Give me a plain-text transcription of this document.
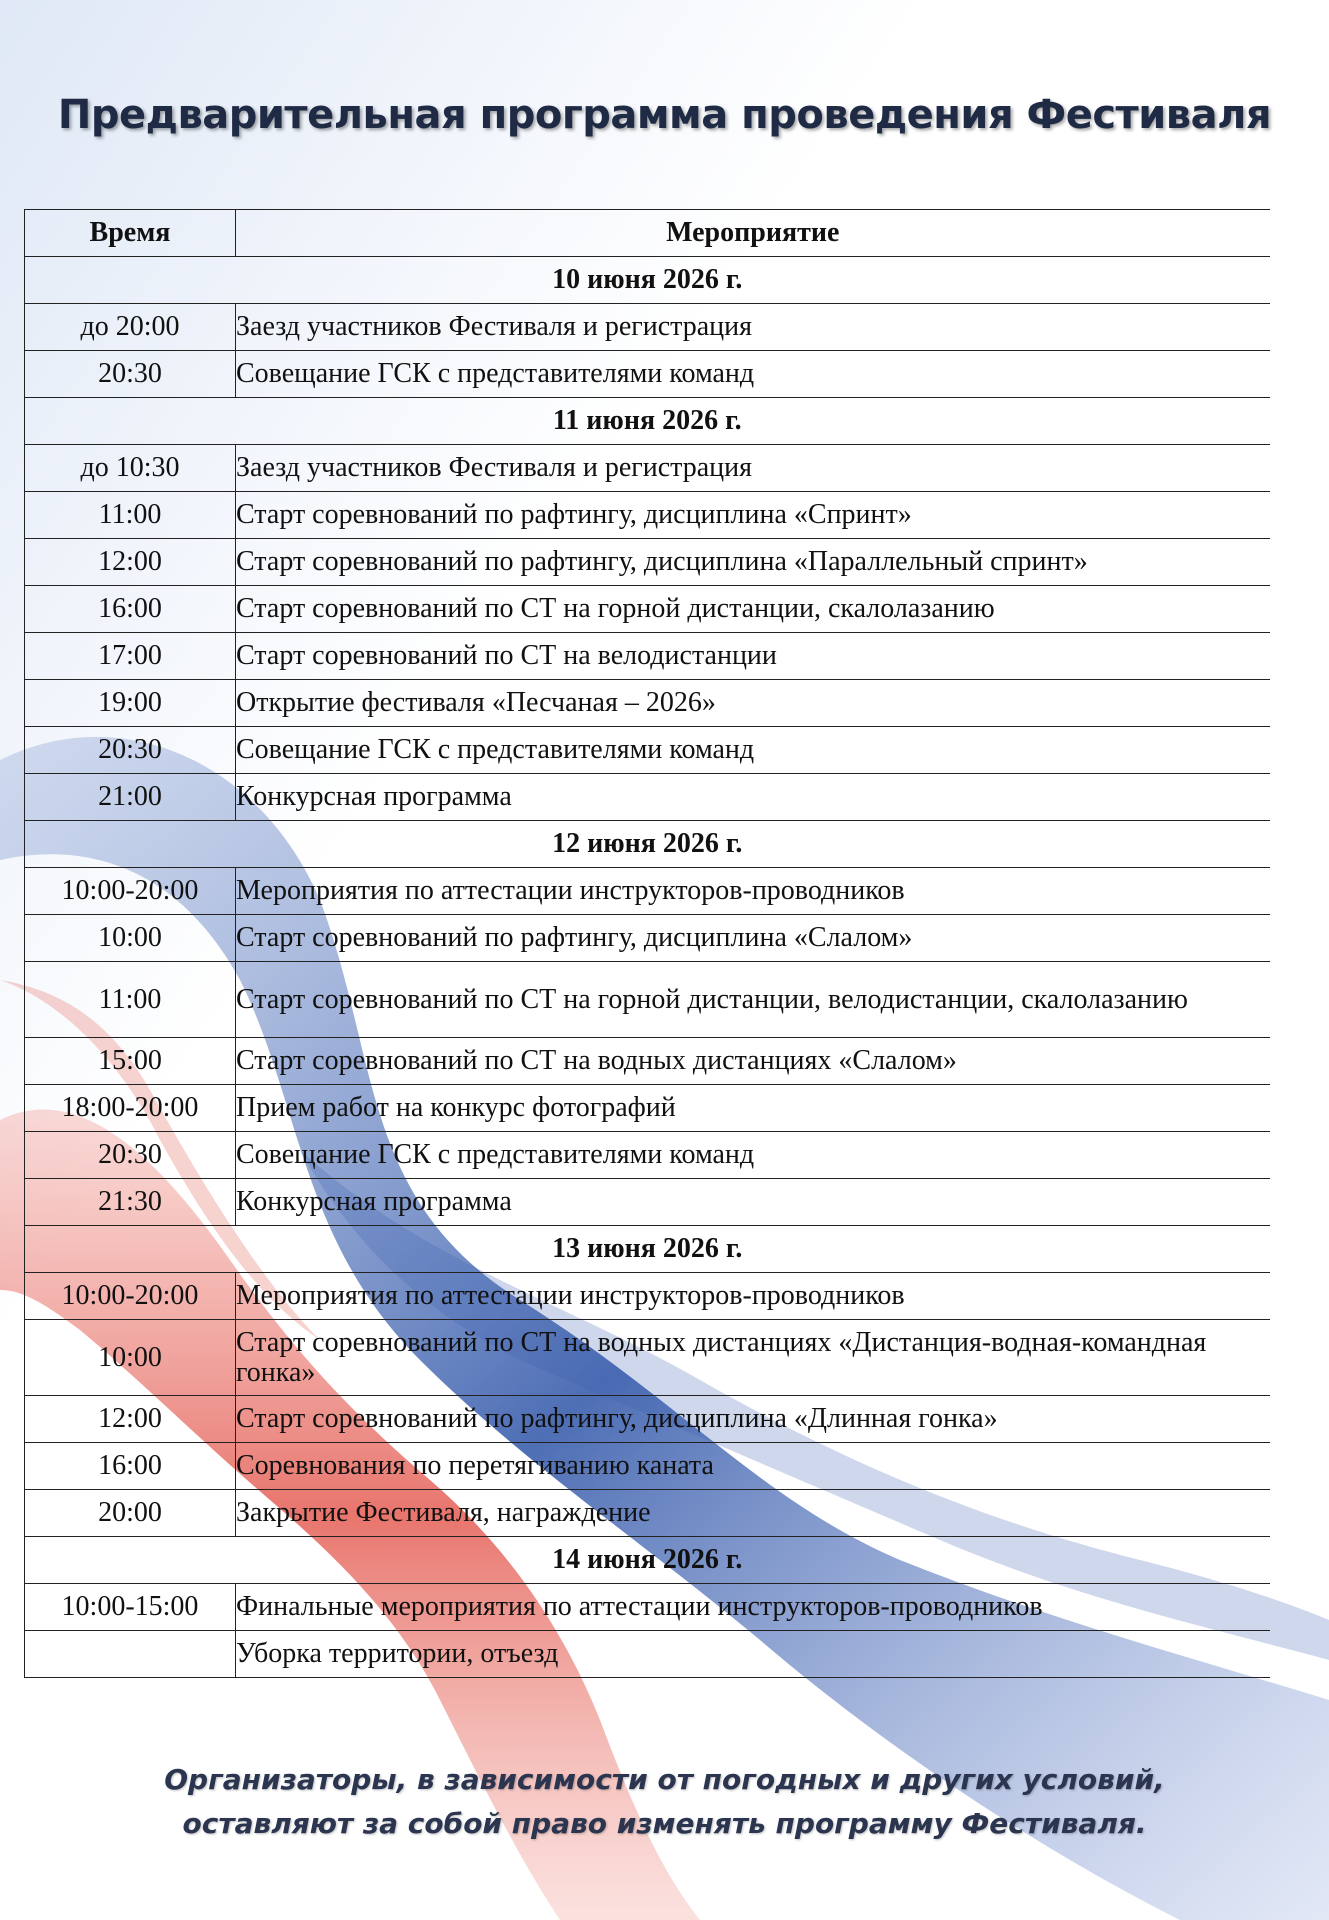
Предварительная программа проведения Фестиваля
Время	Мероприятие
10 июня 2026 г.	
до 20:00	Заезд участников Фестиваля и регистрация
20:30	Совещание ГСК с представителями команд
11 июня 2026 г.	
до 10:30	Заезд участников Фестиваля и регистрация
11:00	Старт соревнований по рафтингу, дисциплина «Спринт»
12:00	Старт соревнований по рафтингу, дисциплина «Параллельный спринт»
16:00	Старт соревнований по СТ на горной дистанции, скалолазанию
17:00	Старт соревнований по СТ на велодистанции
19:00	Открытие фестиваля «Песчаная – 2026»
20:30	Совещание ГСК с представителями команд
21:00	Конкурсная программа
12 июня 2026 г.	
10:00-20:00	Мероприятия по аттестации инструкторов-проводников
10:00	Старт соревнований по рафтингу, дисциплина «Слалом»
11:00	Старт соревнований по СТ на горной дистанции, велодистанции, скалолазанию
15:00	Старт соревнований по СТ на водных дистанциях «Слалом»
18:00-20:00	Прием работ на конкурс фотографий
20:30	Совещание ГСК с представителями команд
21:30	Конкурсная программа
13 июня 2026 г.	
10:00-20:00	Мероприятия по аттестации инструкторов-проводников
10:00	Старт соревнований по СТ на водных дистанциях «Дистанция-водная-командная гонка»
12:00	Старт соревнований по рафтингу, дисциплина «Длинная гонка»
16:00	Соревнования по перетягиванию каната
20:00	Закрытие Фестиваля, награждение
14 июня 2026 г.	
10:00-15:00	Финальные мероприятия по аттестации инструкторов-проводников
	Уборка территории, отъезд
Организаторы, в зависимости от погодных и других условий,
оставляют за собой право изменять программу Фестиваля.
